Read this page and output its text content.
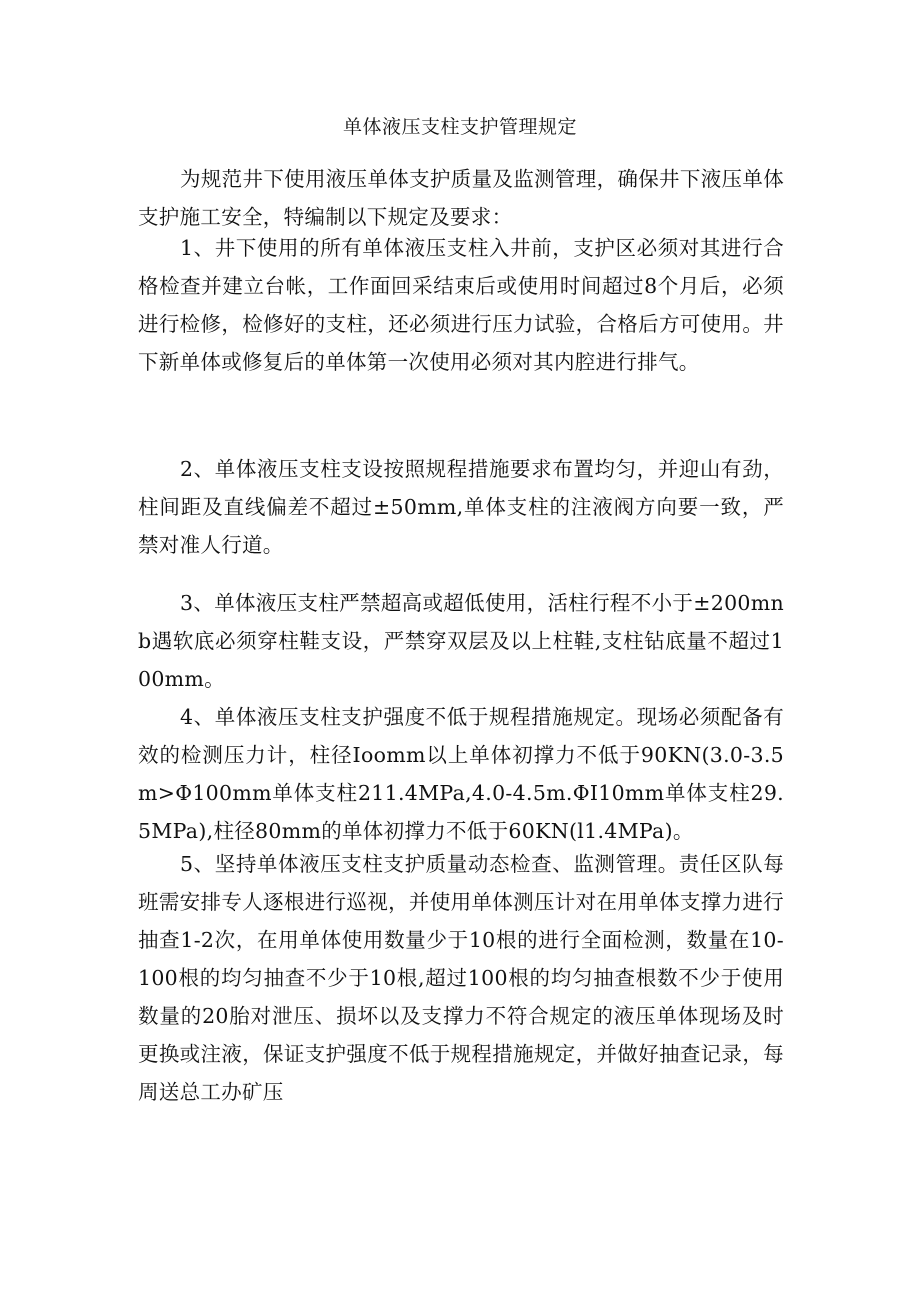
单体液压支柱支护管理规定

为规范井下使用液压单体支护质量及监测管理，确保井下液压单体支护施工安全，特编制以下规定及要求：

1、井下使用的所有单体液压支柱入井前，支护区必须对其进行合格检查并建立台帐，工作面回采结束后或使用时间超过8个月后，必须进行检修，检修好的支柱，还必须进行压力试验，合格后方可使用。井下新单体或修复后的单体第一次使用必须对其内腔进行排气。

2、单体液压支柱支设按照规程措施要求布置均匀，并迎山有劲，柱间距及直线偏差不超过±50mm,单体支柱的注液阀方向要一致，严禁对准人行道。

3、单体液压支柱严禁超高或超低使用，活柱行程不小于±200mnb遇软底必须穿柱鞋支设，严禁穿双层及以上柱鞋,支柱钻底量不超过100mm。

4、单体液压支柱支护强度不低于规程措施规定。现场必须配备有效的检测压力计，柱径Ioomm以上单体初撑力不低于90KN(3.0-3.5m>Φ100mm单体支柱211.4MPa,4.0-4.5m.ΦI10mm单体支柱29.5MPa),柱径80mm的单体初撑力不低于60KN(l1.4MPa)。

5、坚持单体液压支柱支护质量动态检查、监测管理。责任区队每班需安排专人逐根进行巡视，并使用单体测压计对在用单体支撑力进行抽查1-2次，在用单体使用数量少于10根的进行全面检测，数量在10-100根的均匀抽查不少于10根,超过100根的均匀抽查根数不少于使用数量的20胎对泄压、损坏以及支撑力不符合规定的液压单体现场及时更换或注液，保证支护强度不低于规程措施规定，并做好抽查记录，每周送总工办矿压
